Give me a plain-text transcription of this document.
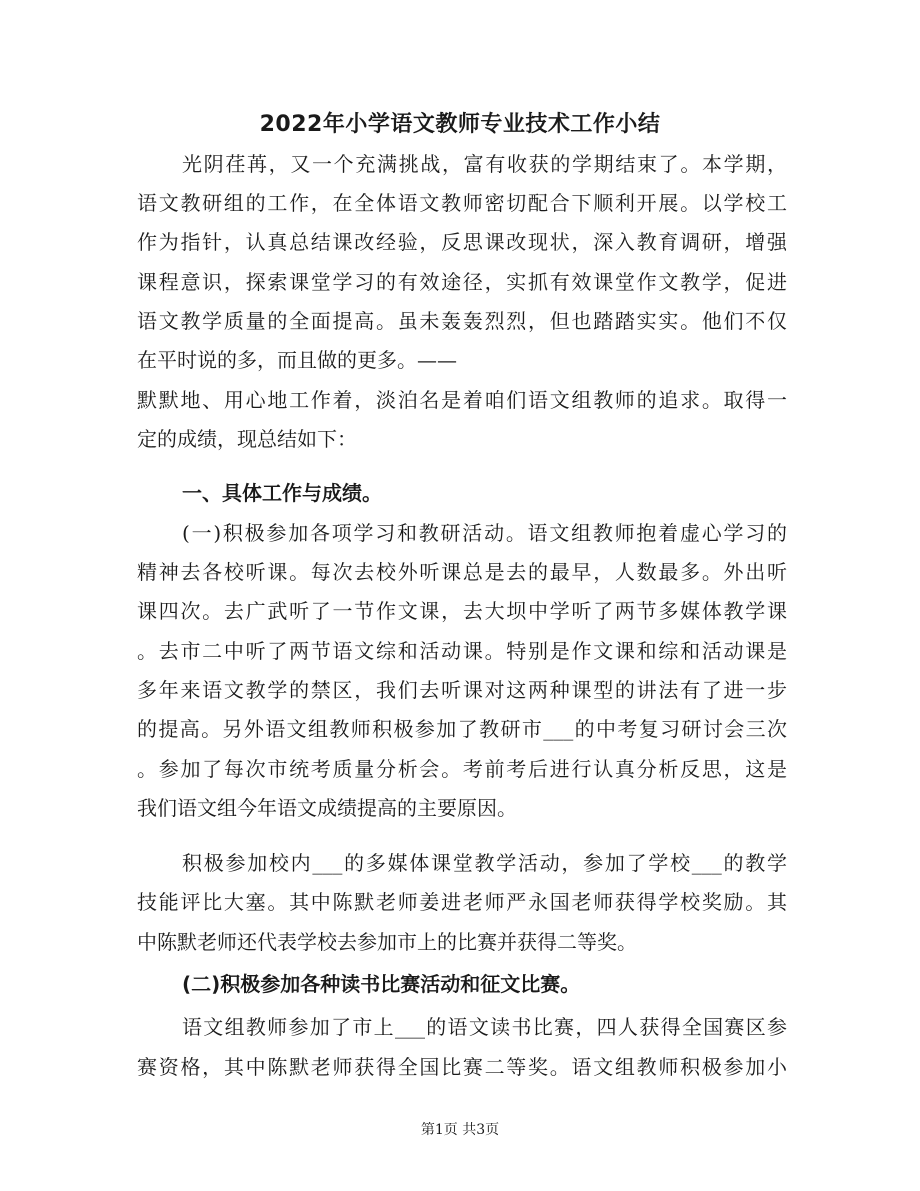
2022年小学语文教师专业技术工作小结
光阴荏苒，又一个充满挑战，富有收获的学期结束了。本学期，
语文教研组的工作，在全体语文教师密切配合下顺利开展。以学校工
作为指针，认真总结课改经验，反思课改现状，深入教育调研，增强
课程意识，探索课堂学习的有效途径，实抓有效课堂作文教学，促进
语文教学质量的全面提高。虽未轰轰烈烈，但也踏踏实实。他们不仅
在平时说的多，而且做的更多。——
默默地、用心地工作着，淡泊名是着咱们语文组教师的追求。取得一
定的成绩，现总结如下：
一、具体工作与成绩。
(一)积极参加各项学习和教研活动。语文组教师抱着虚心学习的
精神去各校听课。每次去校外听课总是去的最早，人数最多。外出听
课四次。去广武听了一节作文课，去大坝中学听了两节多媒体教学课
。去市二中听了两节语文综和活动课。特别是作文课和综和活动课是
多年来语文教学的禁区，我们去听课对这两种课型的讲法有了进一步
的提高。另外语文组教师积极参加了教研市___的中考复习研讨会三次
。参加了每次市统考质量分析会。考前考后进行认真分析反思，这是
我们语文组今年语文成绩提高的主要原因。
积极参加校内___的多媒体课堂教学活动，参加了学校___的教学
技能评比大塞。其中陈默老师姜进老师严永国老师获得学校奖励。其
中陈默老师还代表学校去参加市上的比赛并获得二等奖。
(二)积极参加各种读书比赛活动和征文比赛。
语文组教师参加了市上___的语文读书比赛，四人获得全国赛区参
赛资格，其中陈默老师获得全国比赛二等奖。语文组教师积极参加小
第1页 共3页
